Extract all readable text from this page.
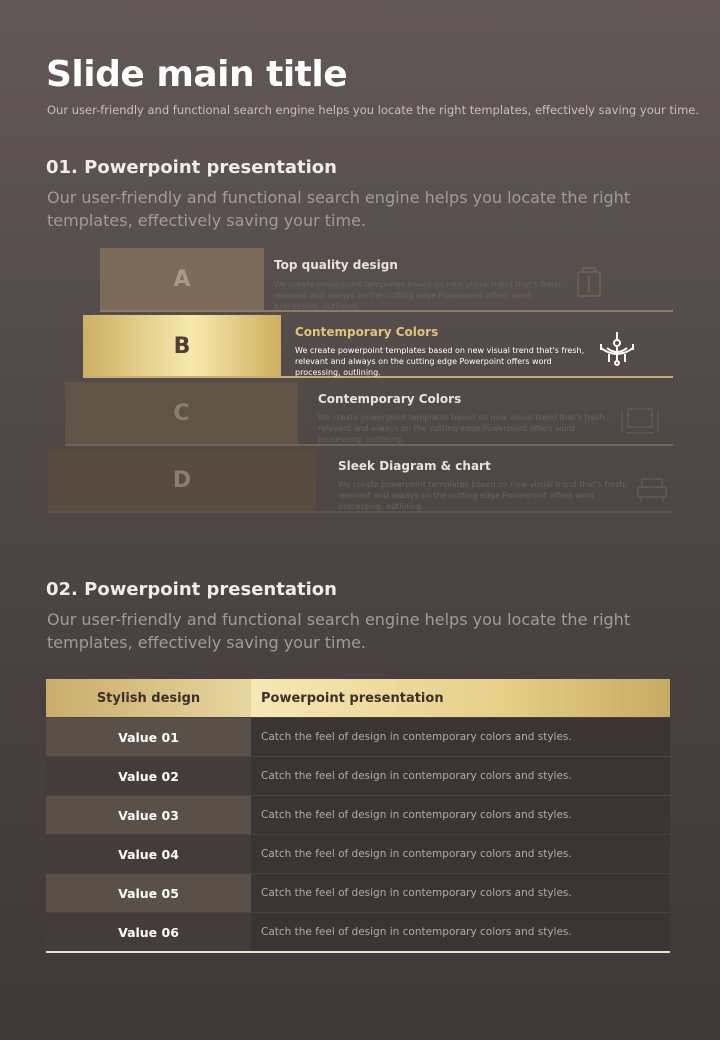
Slide main title
Our user-friendly and functional search engine helps you locate the right templates, effectively saving your time.
01. Powerpoint presentation
Our user-friendly and functional search engine helps you locate the right templates, effectively saving your time.
A
Top quality design
We create powerpoint templates based on new visual trend that's fresh, relevant and always on the cutting edge Powerpoint offers word processing, outlining.
B
Contemporary Colors
We create powerpoint templates based on new visual trend that's fresh, relevant and always on the cutting edge Powerpoint offers word processing, outlining.
C
Contemporary Colors
We create powerpoint templates based on new visual trend that's fresh, relevant and always on the cutting edge Powerpoint offers word processing, outlining.
D
Sleek Diagram & chart
We create powerpoint templates based on new visual trend that's fresh, relevant and always on the cutting edge Powerpoint offers word processing, outlining.
02. Powerpoint presentation
Our user-friendly and functional search engine helps you locate the right templates, effectively saving your time.
Stylish design	Powerpoint presentation
Value 01	Catch the feel of design in contemporary colors and styles.
Value 02	Catch the feel of design in contemporary colors and styles.
Value 03	Catch the feel of design in contemporary colors and styles.
Value 04	Catch the feel of design in contemporary colors and styles.
Value 05	Catch the feel of design in contemporary colors and styles.
Value 06	Catch the feel of design in contemporary colors and styles.
